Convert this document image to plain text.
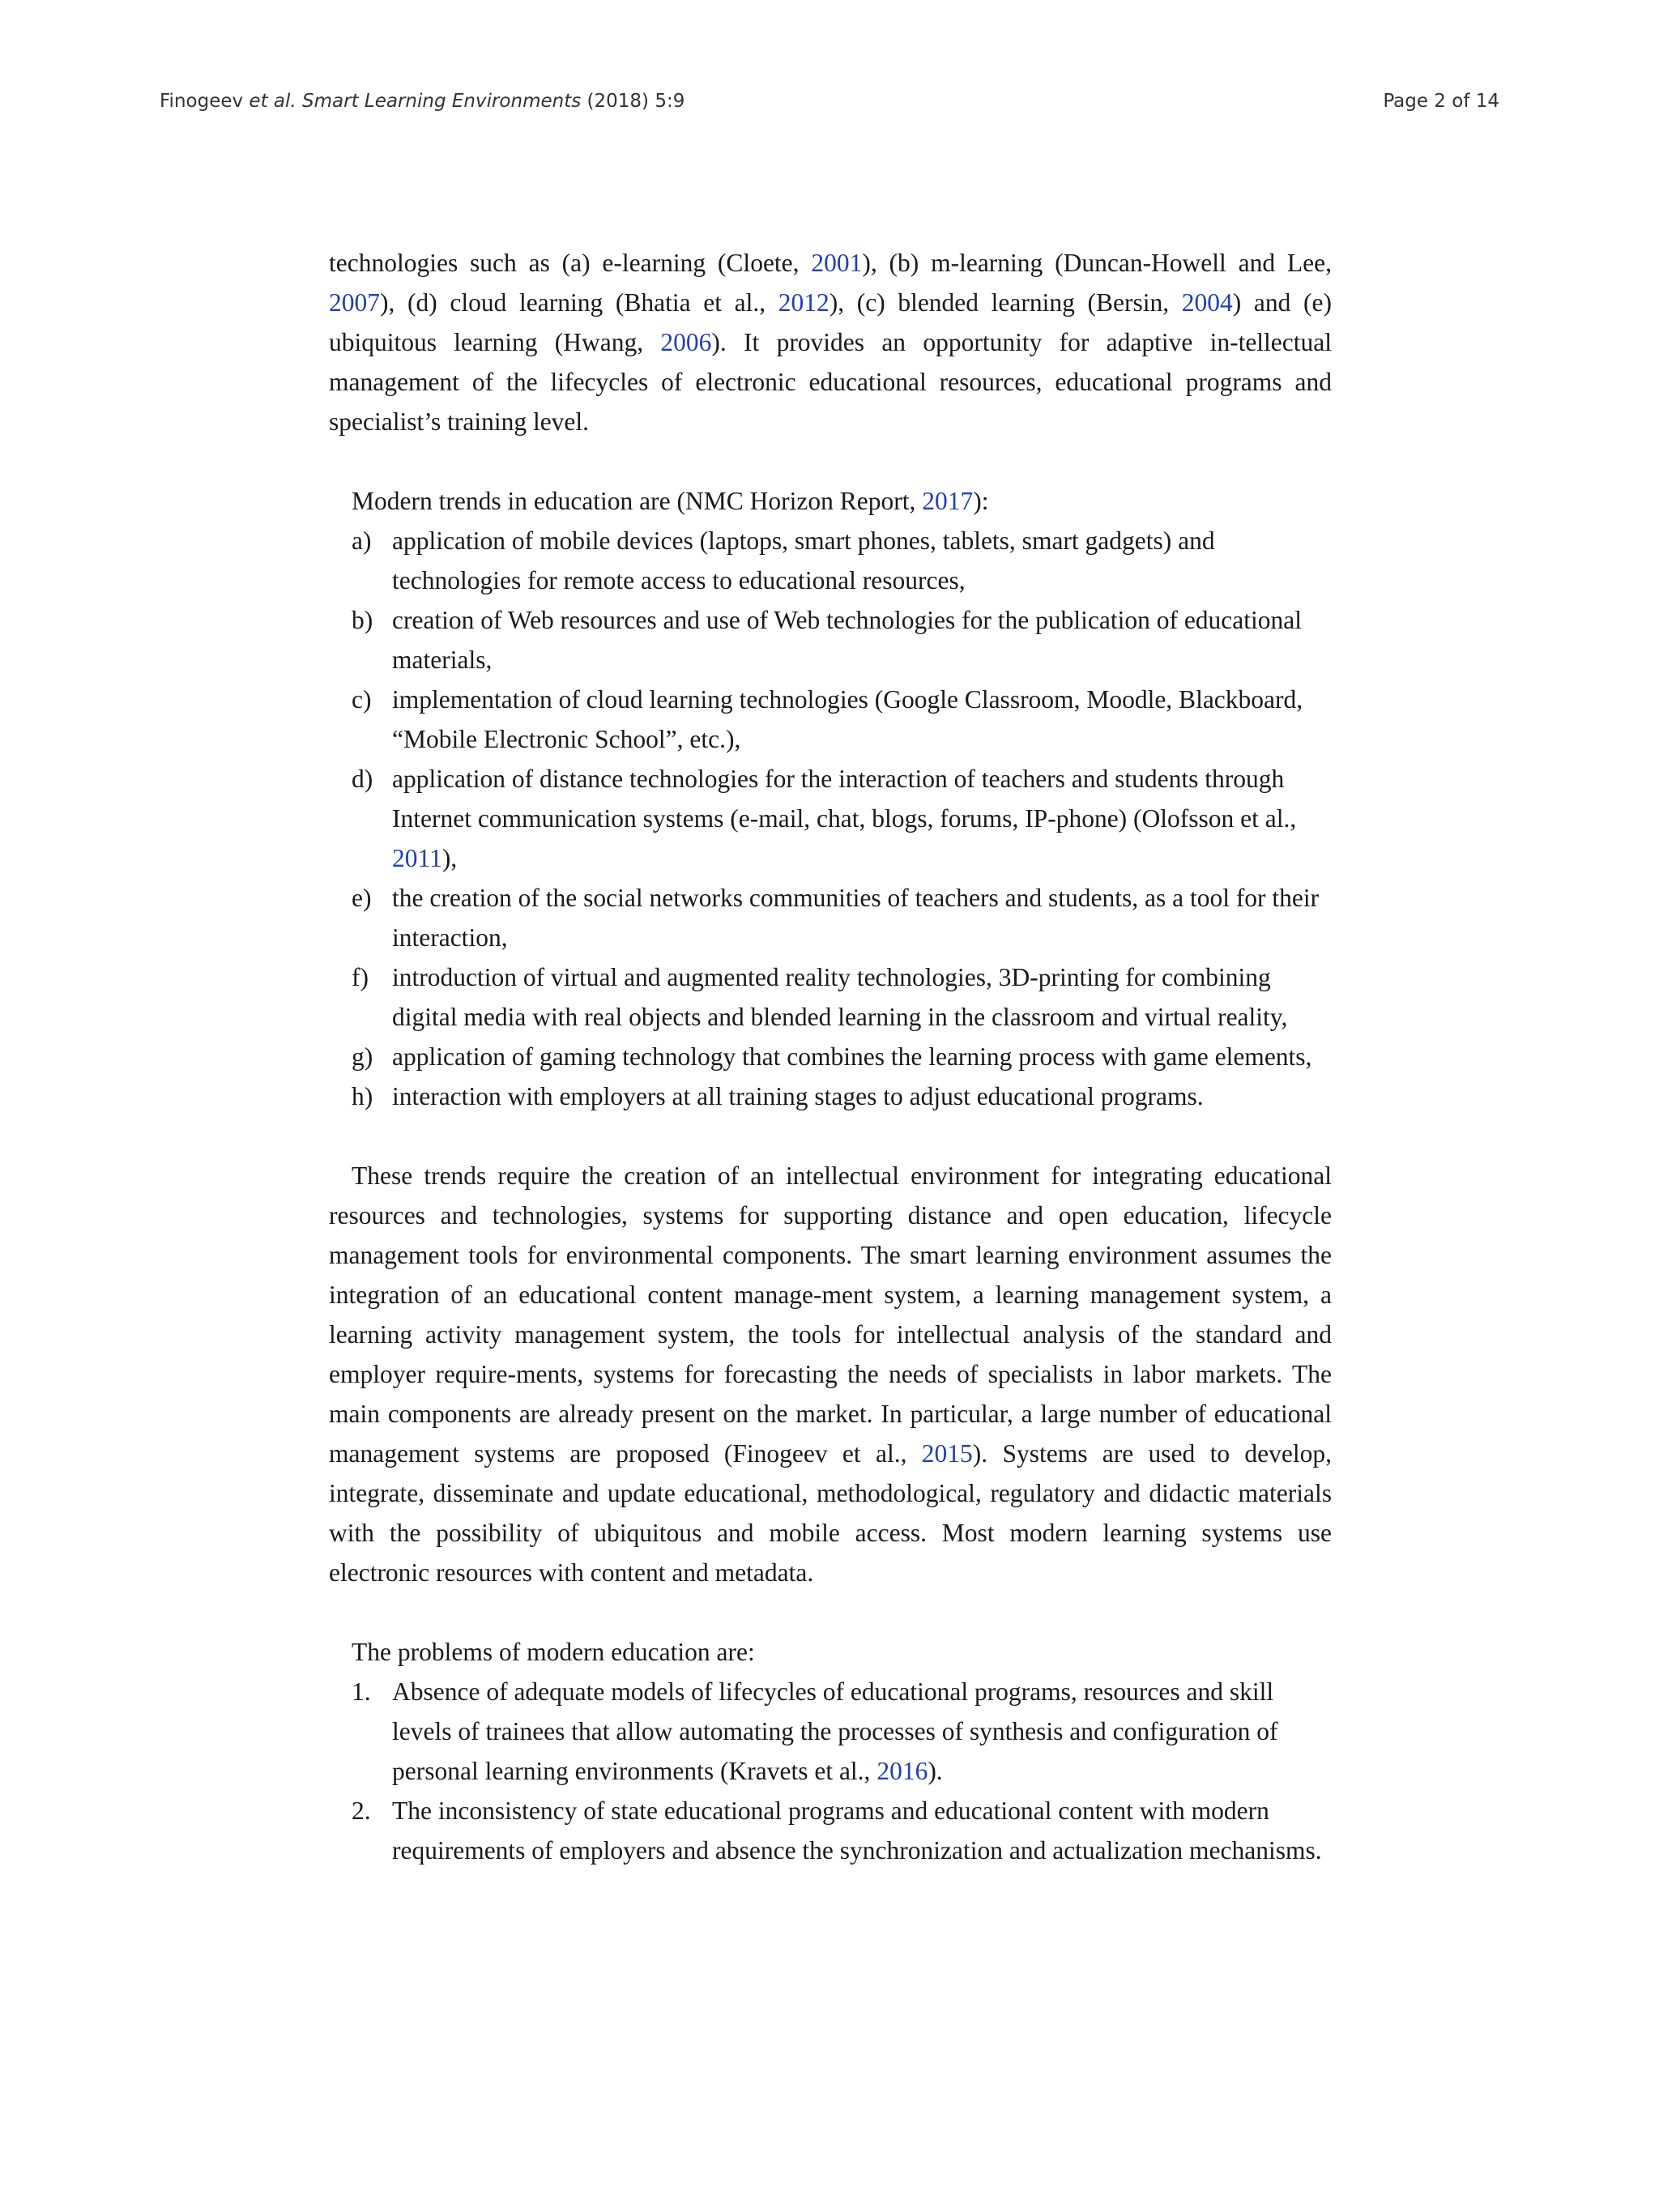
Finogeev et al. Smart Learning Environments (2018) 5:9	Page 2 of 14

technologies such as (a) e-learning (Cloete, 2001), (b) m-learning (Duncan-Howell and Lee, 2007), (d) cloud learning (Bhatia et al., 2012), (c) blended learning (Bersin, 2004) and (e) ubiquitous learning (Hwang, 2006). It provides an opportunity for adaptive in-tellectual management of the lifecycles of electronic educational resources, educational programs and specialist’s training level.

Modern trends in education are (NMC Horizon Report, 2017):

a) application of mobile devices (laptops, smart phones, tablets, smart gadgets) and technologies for remote access to educational resources,
b) creation of Web resources and use of Web technologies for the publication of educational materials,
c) implementation of cloud learning technologies (Google Classroom, Moodle, Blackboard, “Mobile Electronic School”, etc.),
d) application of distance technologies for the interaction of teachers and students through Internet communication systems (e-mail, chat, blogs, forums, IP-phone) (Olofsson et al., 2011),
e) the creation of the social networks communities of teachers and students, as a tool for their interaction,
f) introduction of virtual and augmented reality technologies, 3D-printing for combining digital media with real objects and blended learning in the classroom and virtual reality,
g) application of gaming technology that combines the learning process with game elements,
h) interaction with employers at all training stages to adjust educational programs.

These trends require the creation of an intellectual environment for integrating educational resources and technologies, systems for supporting distance and open education, lifecycle management tools for environmental components. The smart learning environment assumes the integration of an educational content manage-ment system, a learning management system, a learning activity management system, the tools for intellectual analysis of the standard and employer require-ments, systems for forecasting the needs of specialists in labor markets. The main components are already present on the market. In particular, a large number of educational management systems are proposed (Finogeev et al., 2015). Systems are used to develop, integrate, disseminate and update educational, methodological, regulatory and didactic materials with the possibility of ubiquitous and mobile access. Most modern learning systems use electronic resources with content and metadata.

The problems of modern education are:

1. Absence of adequate models of lifecycles of educational programs, resources and skill levels of trainees that allow automating the processes of synthesis and configuration of personal learning environments (Kravets et al., 2016).
2. The inconsistency of state educational programs and educational content with modern requirements of employers and absence the synchronization and actualization mechanisms.
